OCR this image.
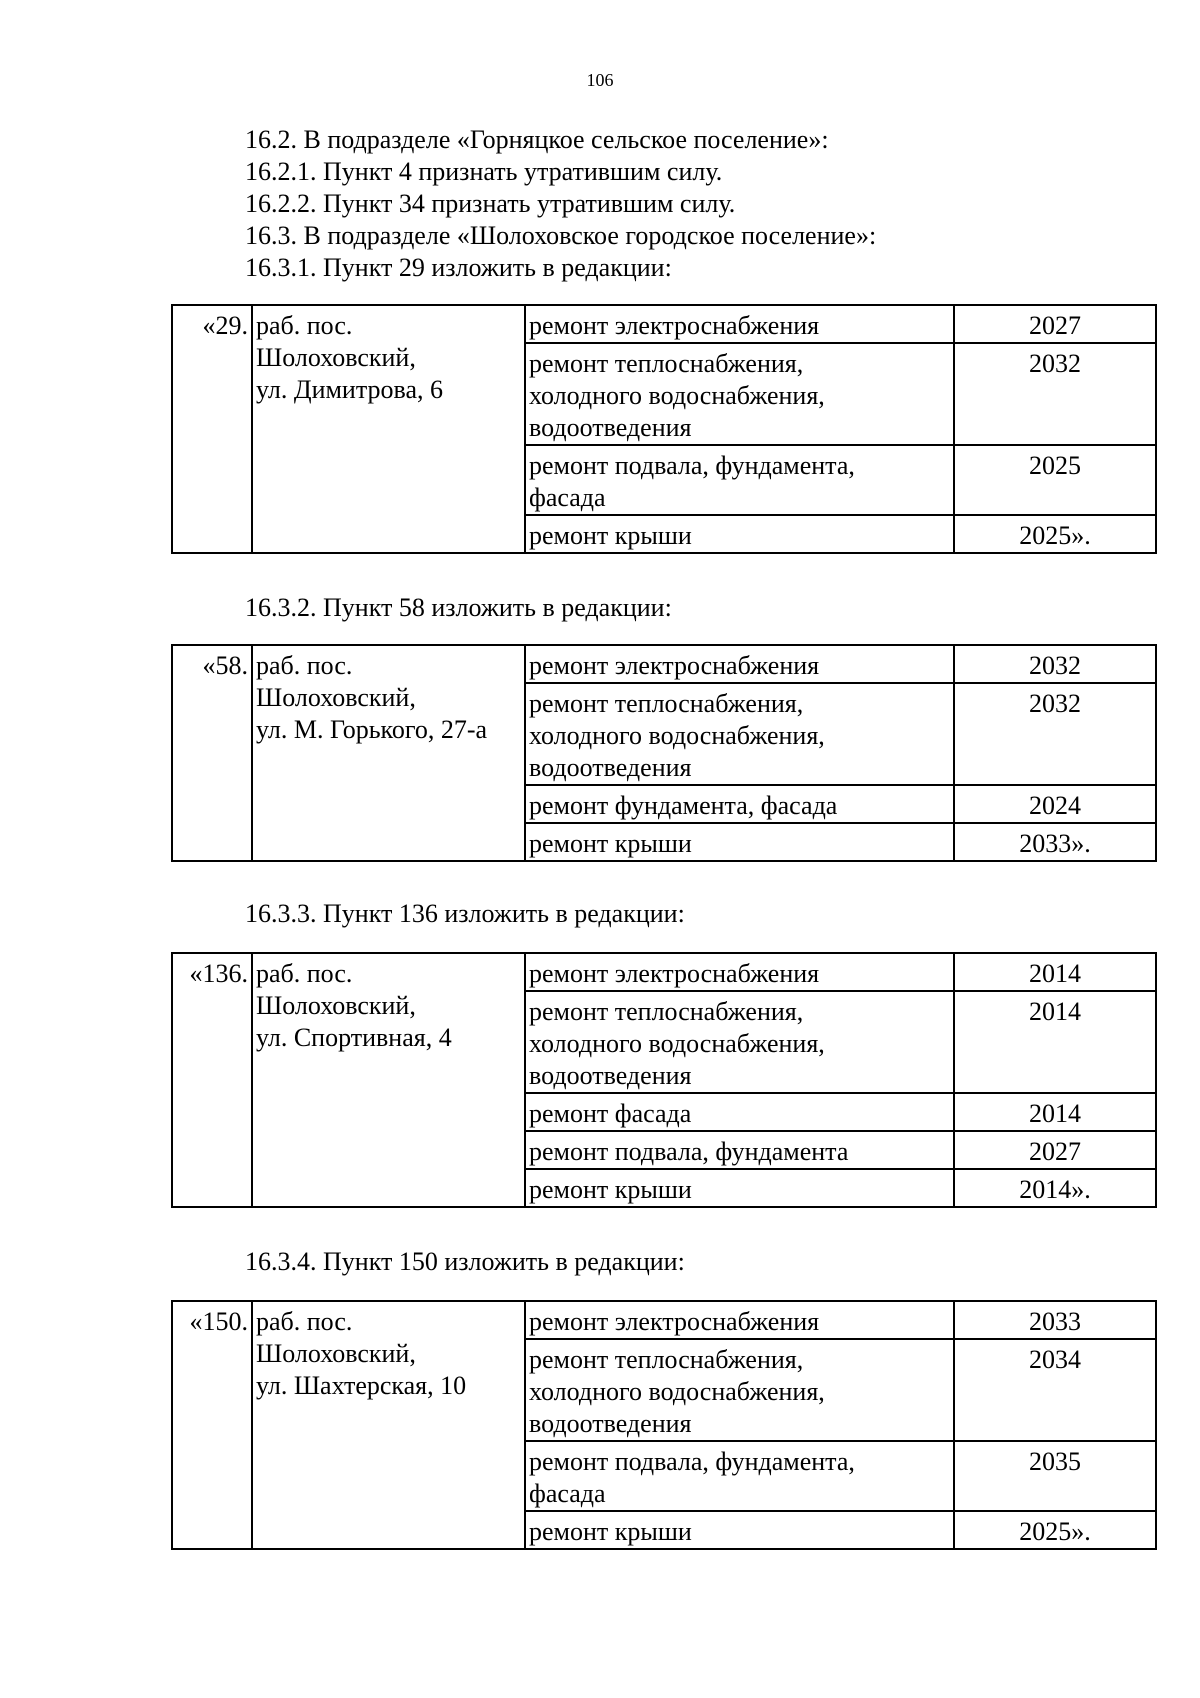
106
16.2. В подразделе «Горняцкое сельское поселение»:
16.2.1. Пункт 4 признать утратившим силу.
16.2.2. Пункт 34 признать утратившим силу.
16.3. В подразделе «Шолоховское городское поселение»:
16.3.1. Пункт 29 изложить в редакции:
«29.	раб. пос.
Шолоховский,
ул. Димитрова, 6	ремонт электроснабжения	2027

		ремонт теплоснабжения,
холодного водоснабжения,
водоотведения	2032

		ремонт подвала, фундамента,
фасада	2025

		ремонт крыши	2025».
16.3.2. Пункт 58 изложить в редакции:
«58.	раб. пос.
Шолоховский,
ул. М. Горького, 27-а	ремонт электроснабжения	2032

		ремонт теплоснабжения,
холодного водоснабжения,
водоотведения	2032

		ремонт фундамента, фасада	2024

		ремонт крыши	2033».
16.3.3. Пункт 136 изложить в редакции:
«136.	раб. пос.
Шолоховский,
ул. Спортивная, 4	ремонт электроснабжения	2014

		ремонт теплоснабжения,
холодного водоснабжения,
водоотведения	2014

		ремонт фасада	2014

		ремонт подвала, фундамента	2027

		ремонт крыши	2014».
16.3.4. Пункт 150 изложить в редакции:
«150.	раб. пос.
Шолоховский,
ул. Шахтерская, 10	ремонт электроснабжения	2033

		ремонт теплоснабжения,
холодного водоснабжения,
водоотведения	2034

		ремонт подвала, фундамента,
фасада	2035

		ремонт крыши	2025».
